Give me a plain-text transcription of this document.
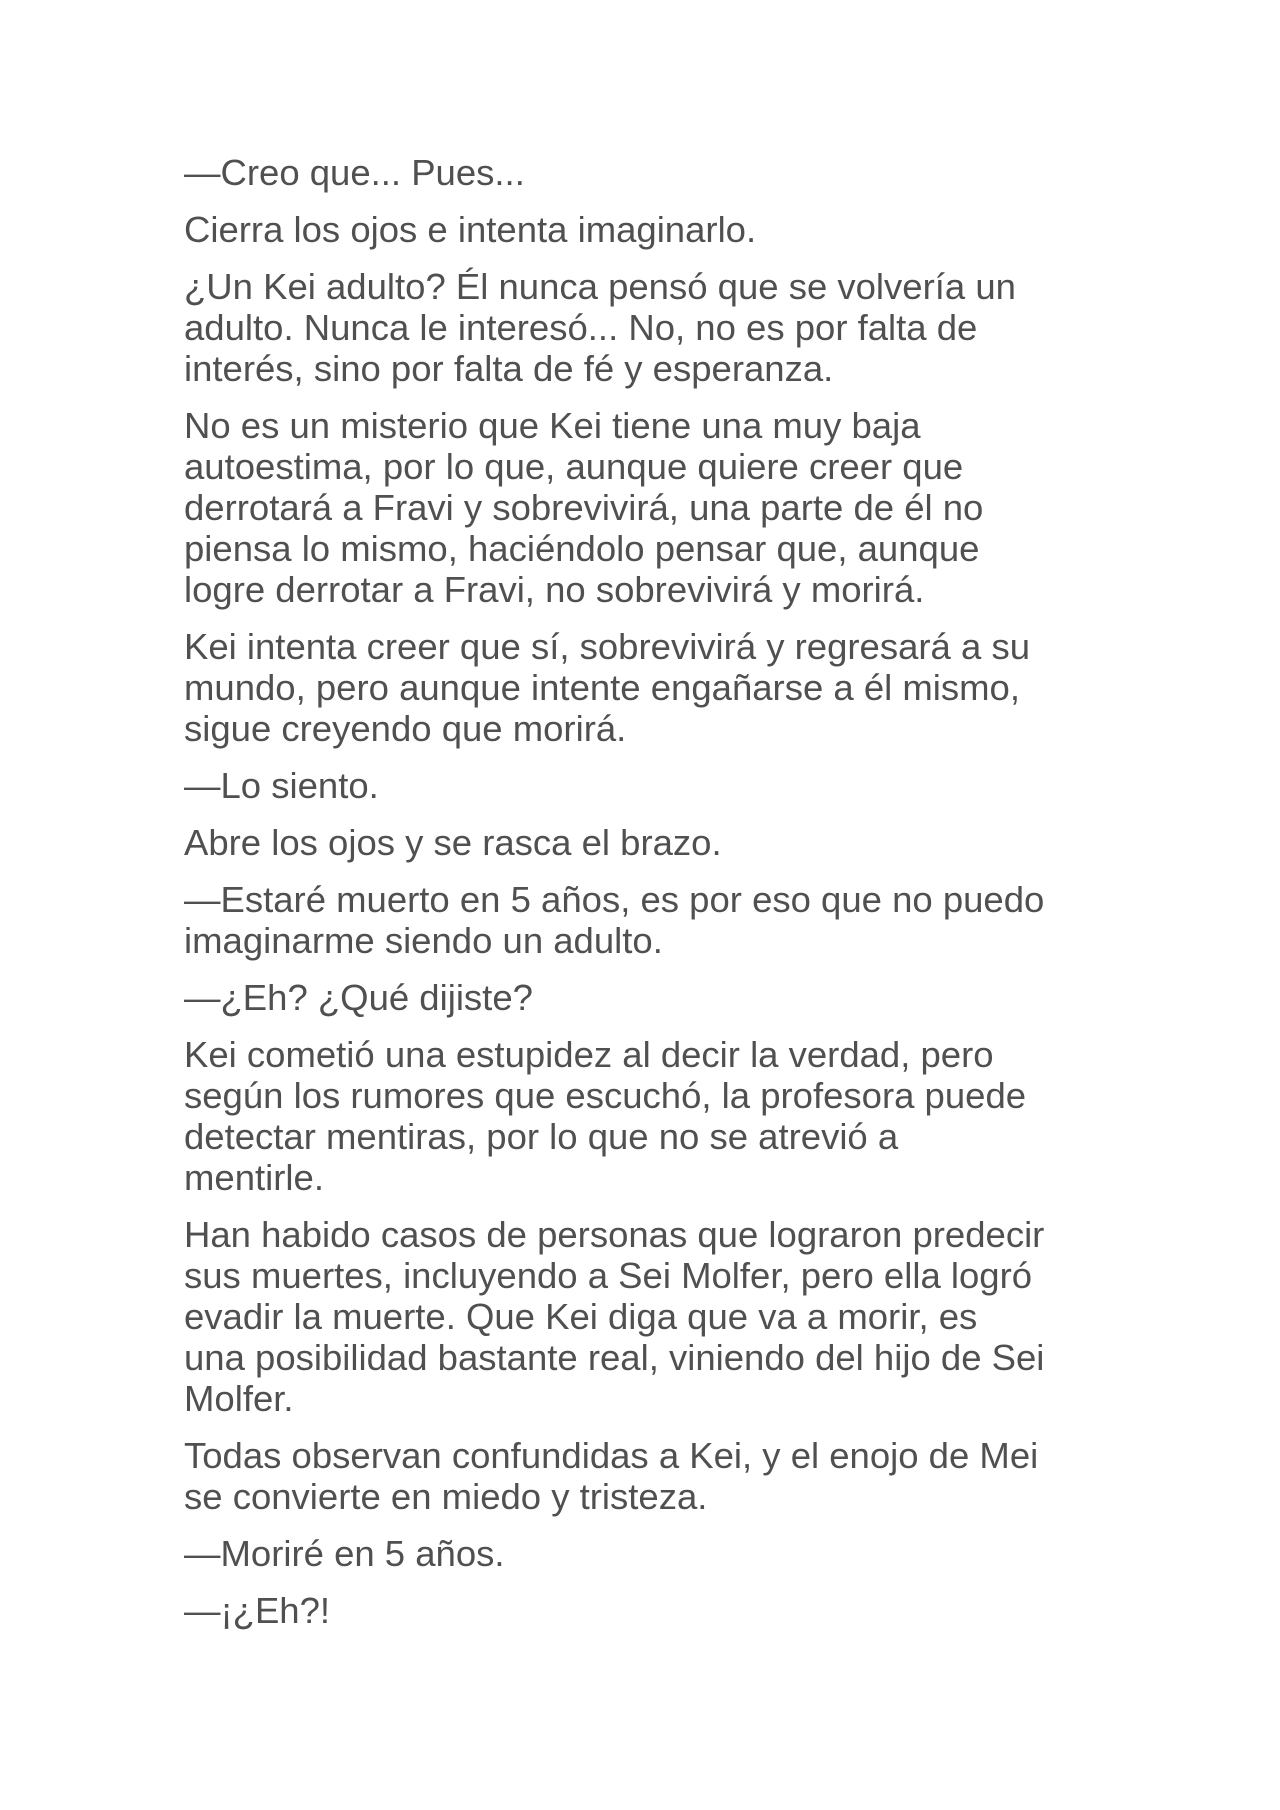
—Creo que... Pues...

Cierra los ojos e intenta imaginarlo.

¿Un Kei adulto? Él nunca pensó que se volvería un
adulto. Nunca le interesó... No, no es por falta de
interés, sino por falta de fé y esperanza.

No es un misterio que Kei tiene una muy baja
autoestima, por lo que, aunque quiere creer que
derrotará a Fravi y sobrevivirá, una parte de él no
piensa lo mismo, haciéndolo pensar que, aunque
logre derrotar a Fravi, no sobrevivirá y morirá.

Kei intenta creer que sí, sobrevivirá y regresará a su
mundo, pero aunque intente engañarse a él mismo,
sigue creyendo que morirá.

—Lo siento.

Abre los ojos y se rasca el brazo.

—Estaré muerto en 5 años, es por eso que no puedo
imaginarme siendo un adulto.

—¿Eh? ¿Qué dijiste?

Kei cometió una estupidez al decir la verdad, pero
según los rumores que escuchó, la profesora puede
detectar mentiras, por lo que no se atrevió a
mentirle.

Han habido casos de personas que lograron predecir
sus muertes, incluyendo a Sei Molfer, pero ella logró
evadir la muerte. Que Kei diga que va a morir, es
una posibilidad bastante real, viniendo del hijo de Sei
Molfer.

Todas observan confundidas a Kei, y el enojo de Mei
se convierte en miedo y tristeza.

—Moriré en 5 años.

—¡¿Eh?!
